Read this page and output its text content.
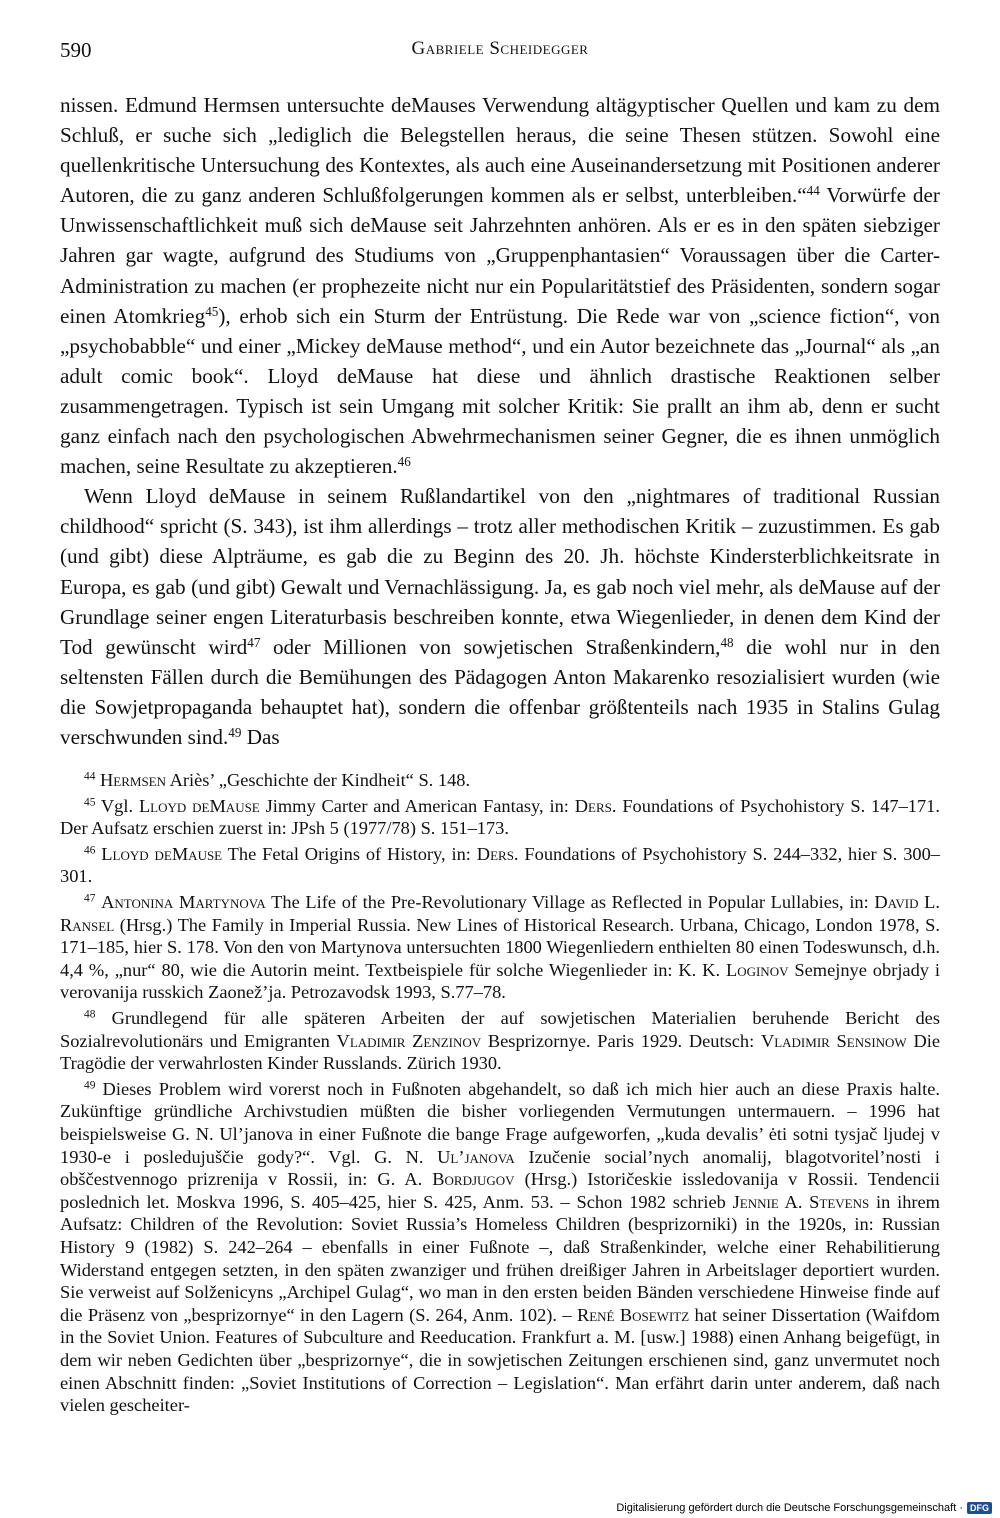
590	Gabriele Scheidegger

nissen. Edmund Hermsen untersuchte deMauses Verwendung altägyptischer Quellen und kam zu dem Schluß, er suche sich „lediglich die Belegstellen heraus, die seine Thesen stützen. Sowohl eine quellenkritische Untersuchung des Kontextes, als auch eine Auseinandersetzung mit Positionen anderer Autoren, die zu ganz anderen Schlußfolgerungen kommen als er selbst, unterbleiben.“$^{44}$ Vorwürfe der Unwissenschaftlichkeit muß sich deMause seit Jahrzehnten anhören. Als er es in den späten siebziger Jahren gar wagte, aufgrund des Studiums von „Gruppenphantasien“ Voraussagen über die Carter-Administration zu machen (er prophezeite nicht nur ein Popularitätstief des Präsidenten, sondern sogar einen Atomkrieg$^{45}$), erhob sich ein Sturm der Entrüstung. Die Rede war von „science fiction“, von „psychobabble“ und einer „Mickey deMause method“, und ein Autor bezeichnete das „Journal“ als „an adult comic book“. Lloyd deMause hat diese und ähnlich drastische Reaktionen selber zusammengetragen. Typisch ist sein Umgang mit solcher Kritik: Sie prallt an ihm ab, denn er sucht ganz einfach nach den psychologischen Abwehrmechanismen seiner Gegner, die es ihnen unmöglich machen, seine Resultate zu akzeptieren.$^{46}$

Wenn Lloyd deMause in seinem Rußlandartikel von den „nightmares of traditional Russian childhood“ spricht (S. 343), ist ihm allerdings – trotz aller methodischen Kritik – zuzustimmen. Es gab (und gibt) diese Alpträume, es gab die zu Beginn des 20. Jh. höchste Kindersterblichkeitsrate in Europa, es gab (und gibt) Gewalt und Vernachlässigung. Ja, es gab noch viel mehr, als deMause auf der Grundlage seiner engen Literaturbasis beschreiben konnte, etwa Wiegenlieder, in denen dem Kind der Tod gewünscht wird$^{47}$ oder Millionen von sowjetischen Straßenkindern,$^{48}$ die wohl nur in den seltensten Fällen durch die Bemühungen des Pädagogen Anton Makarenko resozialisiert wurden (wie die Sowjetpropaganda behauptet hat), sondern die offenbar größtenteils nach 1935 in Stalins Gulag verschwunden sind.$^{49}$ Das

$^{44}$ Hermsen Ariès’ „Geschichte der Kindheit“ S. 148.

$^{45}$ Vgl. Lloyd deMause Jimmy Carter and American Fantasy, in: Ders. Foundations of Psychohistory S. 147–171. Der Aufsatz erschien zuerst in: JPsh 5 (1977/78) S. 151–173.

$^{46}$ Lloyd deMause The Fetal Origins of History, in: Ders. Foundations of Psychohistory S. 244–332, hier S. 300–301.

$^{47}$ Antonina Martynova The Life of the Pre-Revolutionary Village as Reflected in Popular Lullabies, in: David L. Ransel (Hrsg.) The Family in Imperial Russia. New Lines of Historical Research. Urbana, Chicago, London 1978, S. 171–185, hier S. 178. Von den von Martynova untersuchten 1800 Wiegenliedern enthielten 80 einen Todeswunsch, d.h. 4,4 %, „nur“ 80, wie die Autorin meint. Textbeispiele für solche Wiegenlieder in: K. K. Loginov Semejnye obrjady i verovanija russkich Zaonež’ja. Petrozavodsk 1993, S.77–78.

$^{48}$ Grundlegend für alle späteren Arbeiten der auf sowjetischen Materialien beruhende Bericht des Sozialrevolutionärs und Emigranten Vladimir Zenzinov Besprizornye. Paris 1929. Deutsch: Vladimir Sensinow Die Tragödie der verwahrlosten Kinder Russlands. Zürich 1930.

$^{49}$ Dieses Problem wird vorerst noch in Fußnoten abgehandelt, so daß ich mich hier auch an diese Praxis halte. Zukünftige gründliche Archivstudien müßten die bisher vorliegenden Vermutungen untermauern. – 1996 hat beispielsweise G. N. Ul’janova in einer Fußnote die bange Frage aufgeworfen, „kuda devalis’ ėti sotni tysjač ljudej v 1930-e i posledujuščie gody?“. Vgl. G. N. Ul’janova Izučenie social’nych anomalij, blagotvoritel’nosti i obščestvennogo prizrenija v Rossii, in: G. A. Bordjugov (Hrsg.) Istoričeskie issledovanija v Rossii. Tendencii poslednich let. Moskva 1996, S. 405–425, hier S. 425, Anm. 53. – Schon 1982 schrieb Jennie A. Stevens in ihrem Aufsatz: Children of the Revolution: Soviet Russia’s Homeless Children (besprizorniki) in the 1920s, in: Russian History 9 (1982) S. 242–264 – ebenfalls in einer Fußnote –, daß Straßenkinder, welche einer Rehabilitierung Widerstand entgegen setzten, in den späten zwanziger und frühen dreißiger Jahren in Arbeitslager deportiert wurden. Sie verweist auf Solženicyns „Archipel Gulag“, wo man in den ersten beiden Bänden verschiedene Hinweise finde auf die Präsenz von „besprizornye“ in den Lagern (S. 264, Anm. 102). – René Bosewitz hat seiner Dissertation (Waifdom in the Soviet Union. Features of Subculture and Reeducation. Frankfurt a. M. [usw.] 1988) einen Anhang beigefügt, in dem wir neben Gedichten über „besprizornye“, die in sowjetischen Zeitungen erschienen sind, ganz unvermutet noch einen Abschnitt finden: „Soviet Institutions of Correction – Legislation“. Man erfährt darin unter anderem, daß nach vielen gescheiter-

Digitalisierung gefördert durch die Deutsche Forschungsgemeinschaft · DFG
